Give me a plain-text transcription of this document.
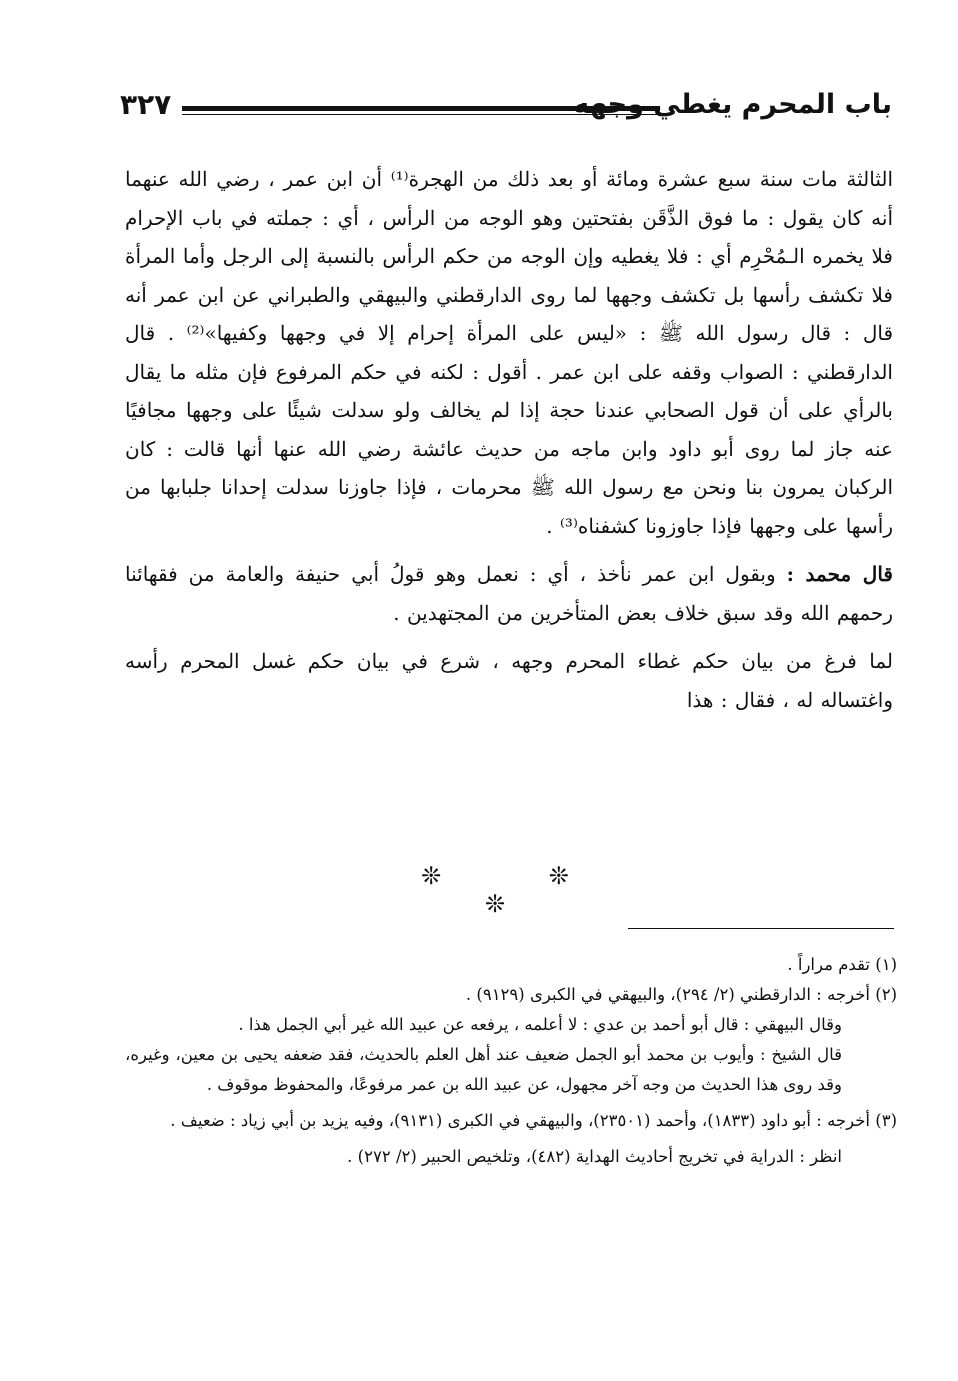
باب المحرم يغطي وجهه
٣٢٧

الثالثة مات سنة سبع عشرة ومائة أو بعد ذلك من الهجرة⁽¹⁾ أن ابن عمر ، رضي الله عنهما أنه كان يقول : ما فوق الذَّقَن بفتحتين وهو الوجه من الرأس ، أي : جملته في باب الإحرام فلا يخمره الـمُحْرِم أي : فلا يغطيه وإن الوجه من حكم الرأس بالنسبة إلى الرجل وأما المرأة فلا تكشف رأسها بل تكشف وجهها لما روى الدارقطني والبيهقي والطبراني عن ابن عمر أنه قال : قال رسول الله ﷺ : «ليس على المرأة إحرام إلا في وجهها وكفيها»⁽²⁾ . قال الدارقطني : الصواب وقفه على ابن عمر . أقول : لكنه في حكم المرفوع فإن مثله ما يقال بالرأي على أن قول الصحابي عندنا حجة إذا لم يخالف ولو سدلت شيئًا على وجهها مجافيًا عنه جاز لما روى أبو داود وابن ماجه من حديث عائشة رضي الله عنها أنها قالت : كان الركبان يمرون بنا ونحن مع رسول الله ﷺ محرمات ، فإذا جاوزنا سدلت إحدانا جلبابها من رأسها على وجهها فإذا جاوزونا كشفناه⁽³⁾ .

قال محمد : وبقول ابن عمر نأخذ ، أي : نعمل وهو قولُ أبي حنيفة والعامة من فقهائنا رحمهم الله وقد سبق خلاف بعض المتأخرين من المجتهدين .

لما فرغ من بيان حكم غطاء المحرم وجهه ، شرع في بيان حكم غسل المحرم رأسه واغتساله له ، فقال : هذا

❊ ❊ ❊

(١) تقدم مراراً .

(٢) أخرجه : الدارقطني (٢/ ٢٩٤)، والبيهقي في الكبرى (٩١٢٩) .

وقال البيهقي : قال أبو أحمد بن عدي : لا أعلمه ، يرفعه عن عبيد الله غير أبي الجمل هذا .

قال الشيخ : وأيوب بن محمد أبو الجمل ضعيف عند أهل العلم بالحديث، فقد ضعفه يحيى بن معين، وغيره، وقد روى هذا الحديث من وجه آخر مجهول، عن عبيد الله بن عمر مرفوعًا، والمحفوظ موقوف .

(٣) أخرجه : أبو داود (١٨٣٣)، وأحمد (٢٣٥٠١)، والبيهقي في الكبرى (٩١٣١)، وفيه يزيد بن أبي زياد : ضعيف .

انظر : الدراية في تخريج أحاديث الهداية (٤٨٢)، وتلخيص الحبير (٢/ ٢٧٢) .
